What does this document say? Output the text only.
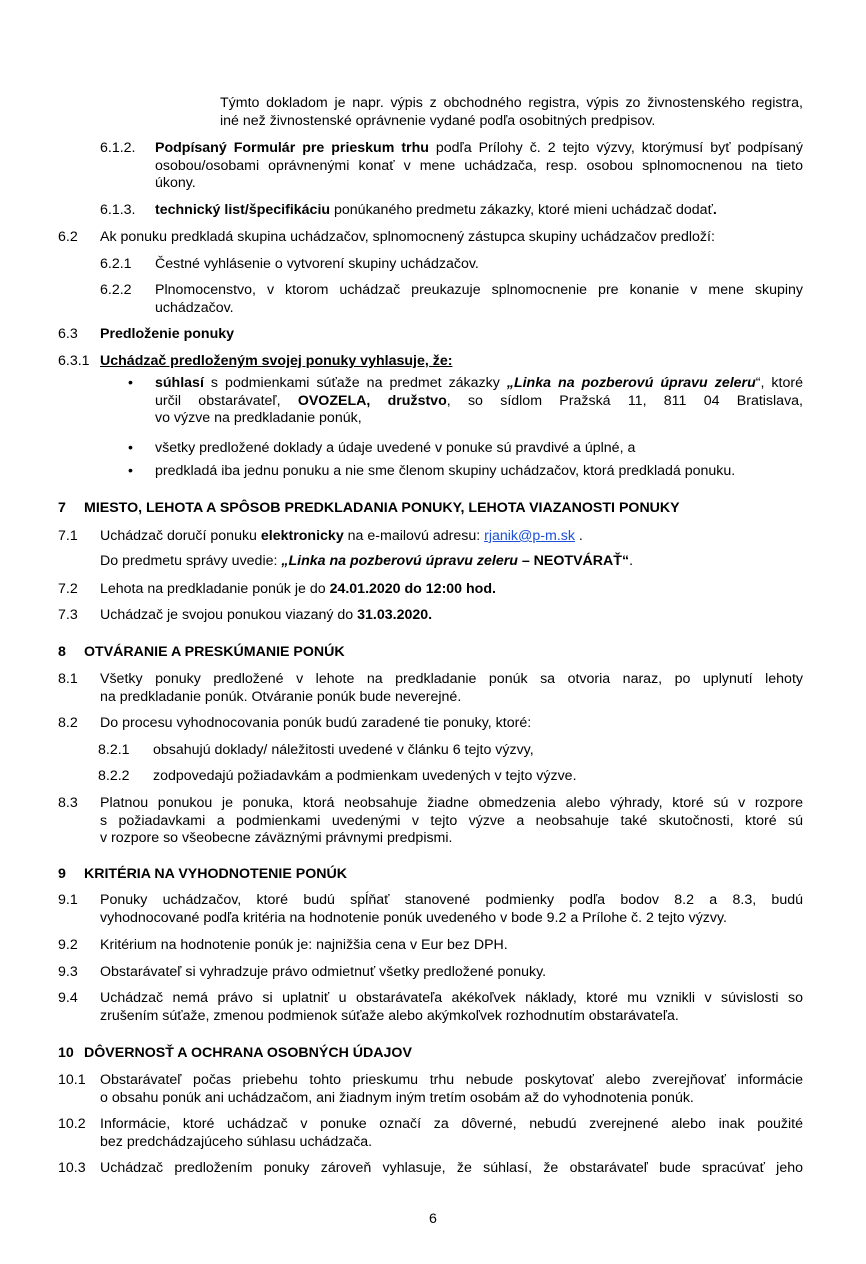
Týmto dokladom je napr. výpis z obchodného registra, výpis zo živnostenského registra,
iné než živnostenské oprávnenie vydané podľa osobitných predpisov.
6.1.2. Podpísaný Formulár pre prieskum trhu podľa Prílohy č. 2 tejto výzvy, ktorýmusí byť podpísaný
osobou/osobami oprávnenými konať v mene uchádzača, resp. osobou splnomocnenou na tieto
úkony.
6.1.3. technický list/špecifikáciu ponúkaného predmetu zákazky, ktoré mieni uchádzač dodať.
6.2 Ak ponuku predkladá skupina uchádzačov, splnomocnený zástupca skupiny uchádzačov predloží:
6.2.1 Čestné vyhlásenie o vytvorení skupiny uchádzačov.
6.2.2 Plnomocenstvo, v ktorom uchádzač preukazuje splnomocnenie pre konanie v mene skupiny
uchádzačov.
6.3 Predloženie ponuky
6.3.1 Uchádzač predloženým svojej ponuky vyhlasuje, že:
• súhlasí s podmienkami súťaže na predmet zákazky „Linka na pozberovú úpravu zeleru“, ktoré
určil obstarávateľ, OVOZELA, družstvo, so sídlom Pražská 11, 811 04 Bratislava,
vo výzve na predkladanie ponúk,
• všetky predložené doklady a údaje uvedené v ponuke sú pravdivé a úplné, a
• predkladá iba jednu ponuku a nie sme členom skupiny uchádzačov, ktorá predkladá ponuku.
7 MIESTO, LEHOTA A SPÔSOB PREDKLADANIA PONUKY, LEHOTA VIAZANOSTI PONUKY
7.1 Uchádzač doručí ponuku elektronicky na e-mailovú adresu: rjanik@p-m.sk .
Do predmetu správy uvedie: „Linka na pozberovú úpravu zeleru – NEOTVÁRAŤ“.
7.2 Lehota na predkladanie ponúk je do 24.01.2020 do 12:00 hod.
7.3 Uchádzač je svojou ponukou viazaný do 31.03.2020.
8 OTVÁRANIE A PRESKÚMANIE PONÚK
8.1 Všetky ponuky predložené v lehote na predkladanie ponúk sa otvoria naraz, po uplynutí lehoty
na predkladanie ponúk. Otváranie ponúk bude neverejné.
8.2 Do procesu vyhodnocovania ponúk budú zaradené tie ponuky, ktoré:
8.2.1 obsahujú doklady/ náležitosti uvedené v článku 6 tejto výzvy,
8.2.2 zodpovedajú požiadavkám a podmienkam uvedených v tejto výzve.
8.3 Platnou ponukou je ponuka, ktorá neobsahuje žiadne obmedzenia alebo výhrady, ktoré sú v rozpore
s požiadavkami a podmienkami uvedenými v tejto výzve a neobsahuje také skutočnosti, ktoré sú
v rozpore so všeobecne záväznými právnymi predpismi.
9 KRITÉRIA NA VYHODNOTENIE PONÚK
9.1 Ponuky uchádzačov, ktoré budú spĺňať stanovené podmienky podľa bodov 8.2 a 8.3, budú
vyhodnocované podľa kritéria na hodnotenie ponúk uvedeného v bode 9.2 a Prílohe č. 2 tejto výzvy.
9.2 Kritérium na hodnotenie ponúk je: najnižšia cena v Eur bez DPH.
9.3 Obstarávateľ si vyhradzuje právo odmietnuť všetky predložené ponuky.
9.4 Uchádzač nemá právo si uplatniť u obstarávateľa akékoľvek náklady, ktoré mu vznikli v súvislosti so
zrušením súťaže, zmenou podmienok súťaže alebo akýmkoľvek rozhodnutím obstarávateľa.
10 DÔVERNOSŤ A OCHRANA OSOBNÝCH ÚDAJOV
10.1 Obstarávateľ počas priebehu tohto prieskumu trhu nebude poskytovať alebo zverejňovať informácie
o obsahu ponúk ani uchádzačom, ani žiadnym iným tretím osobám až do vyhodnotenia ponúk.
10.2 Informácie, ktoré uchádzač v ponuke označí za dôverné, nebudú zverejnené alebo inak použité
bez predchádzajúceho súhlasu uchádzača.
10.3 Uchádzač predložením ponuky zároveň vyhlasuje, že súhlasí, že obstarávateľ bude spracúvať jeho
6
